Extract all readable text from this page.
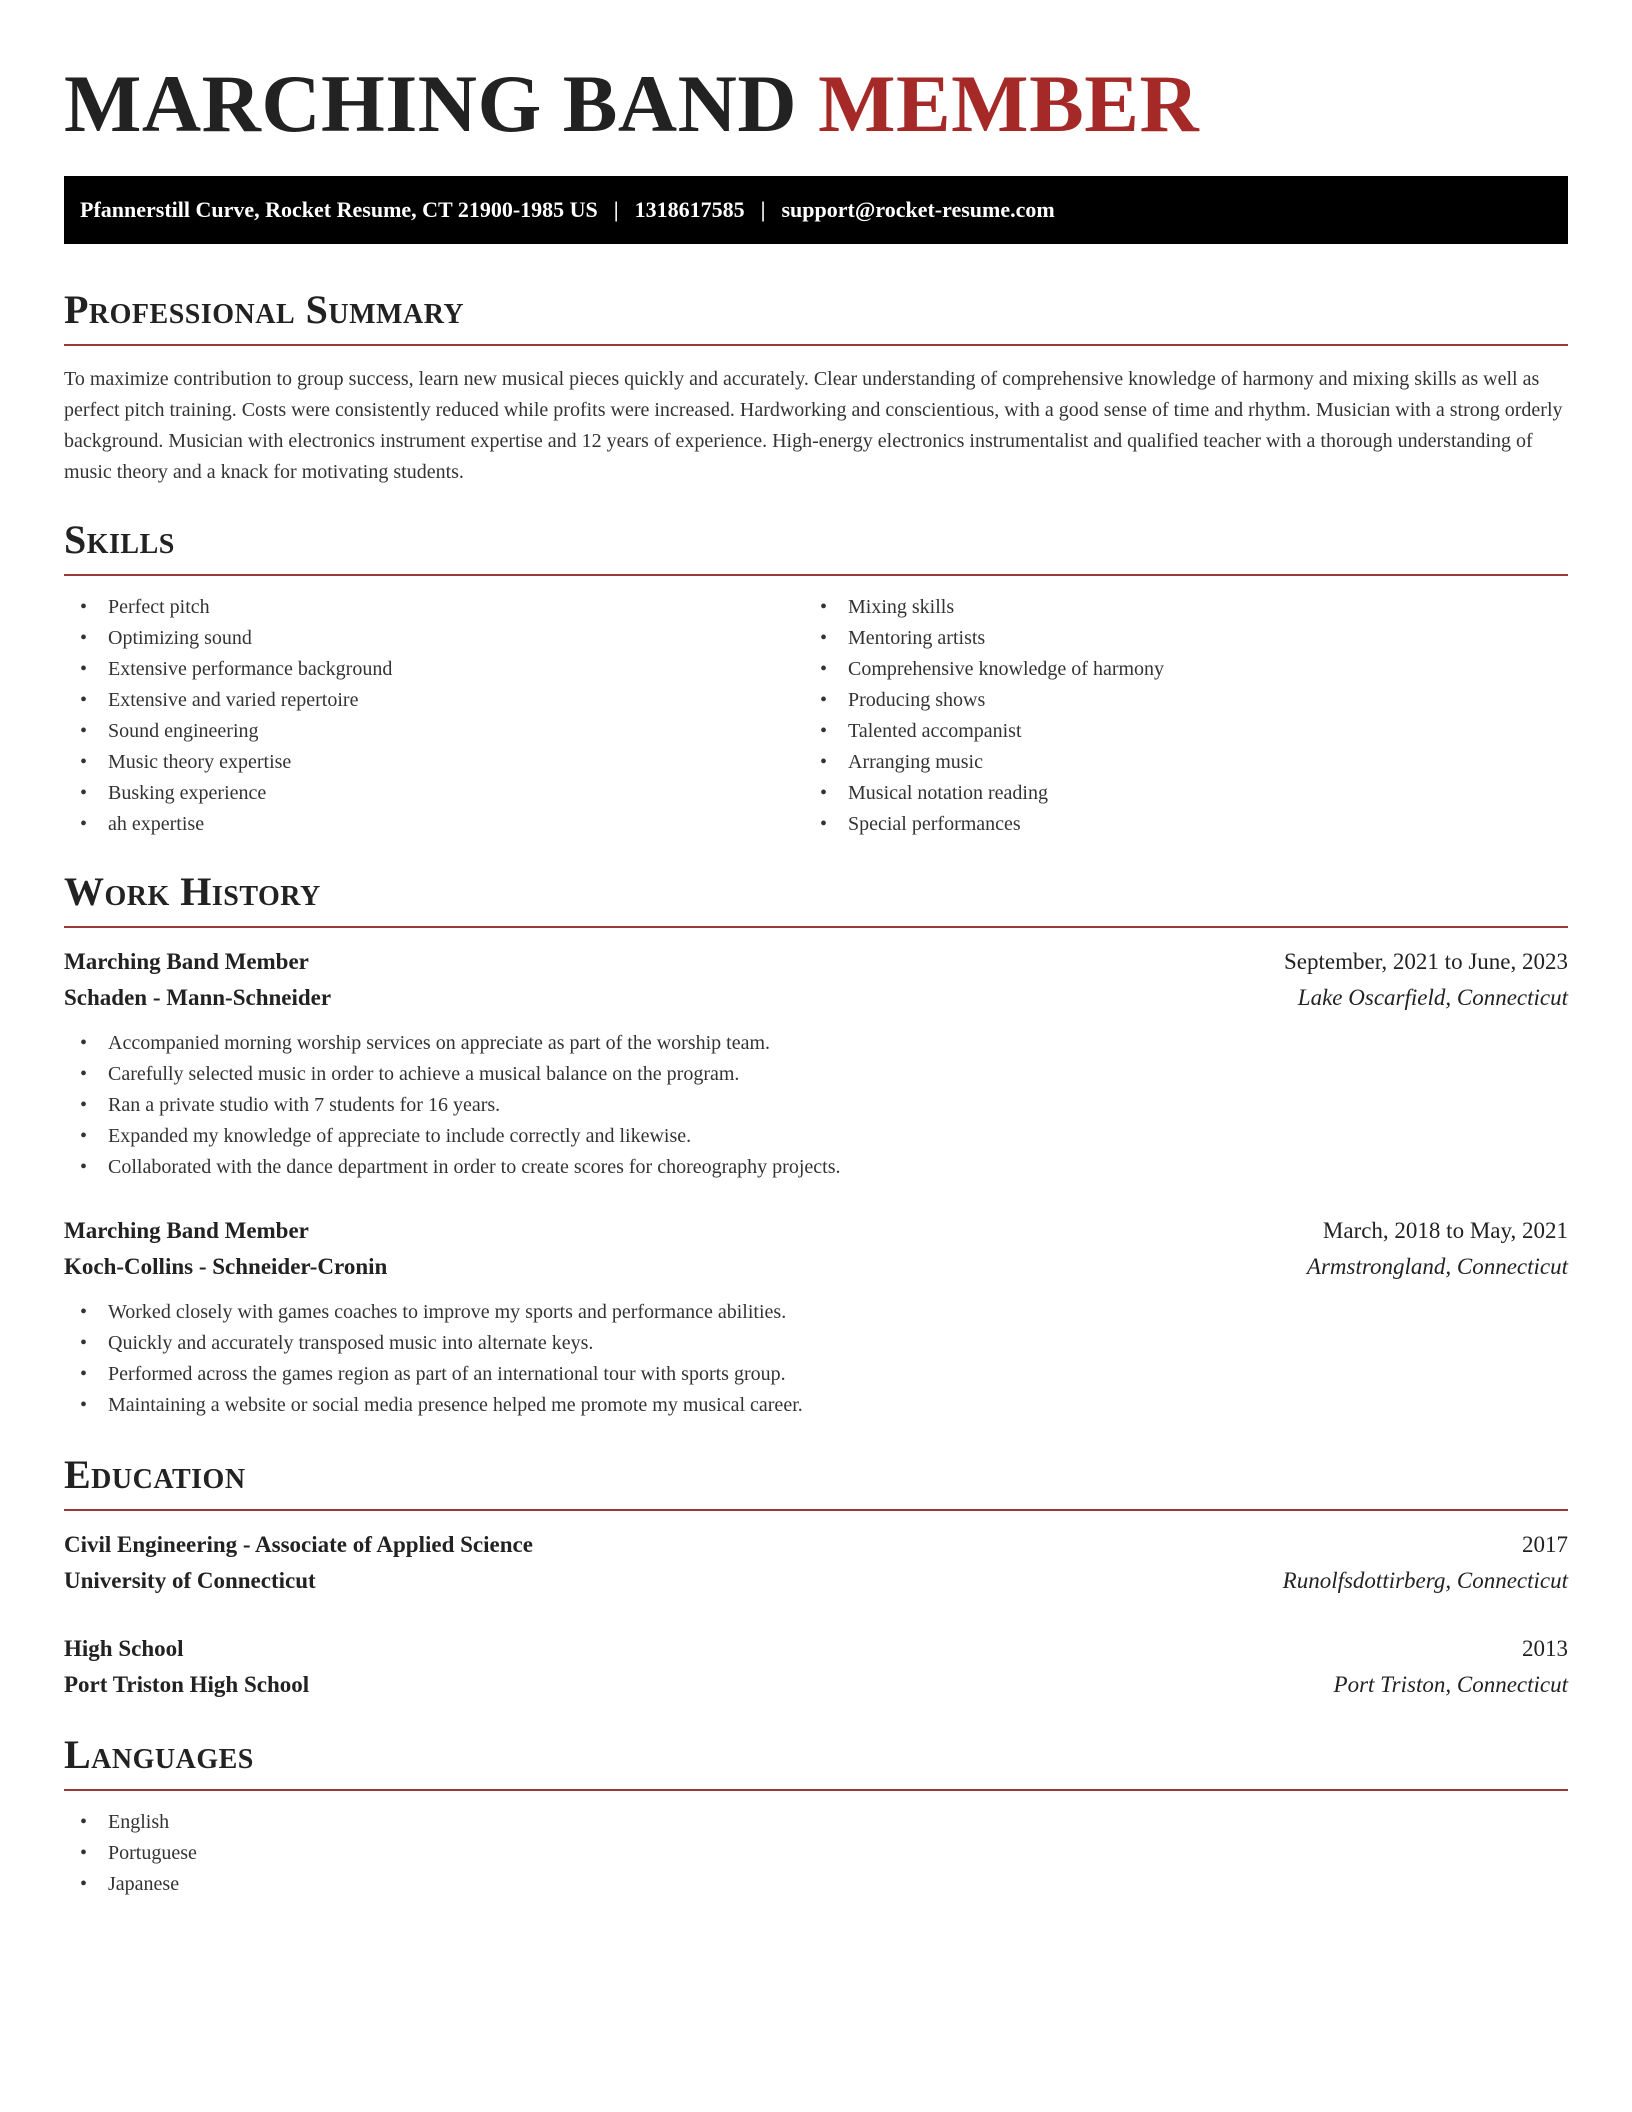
MARCHING BAND MEMBER
Pfannerstill Curve, Rocket Resume, CT 21900-1985 US | 1318617585 | support@rocket-resume.com
Professional Summary

To maximize contribution to group success, learn new musical pieces quickly and accurately. Clear understanding of comprehensive knowledge of harmony and mixing skills as well as perfect pitch training. Costs were consistently reduced while profits were increased. Hardworking and conscientious, with a good sense of time and rhythm. Musician with a strong orderly background. Musician with electronics instrument expertise and 12 years of experience. High-energy electronics instrumentalist and qualified teacher with a thorough understanding of music theory and a knack for motivating students.

Skills
• Perfect pitch
• Optimizing sound
• Extensive performance background
• Extensive and varied repertoire
• Sound engineering
• Music theory expertise
• Busking experience
• ah expertise
• Mixing skills
• Mentoring artists
• Comprehensive knowledge of harmony
• Producing shows
• Talented accompanist
• Arranging music
• Musical notation reading
• Special performances
Work History
Marching Band Member	September, 2021 to June, 2023
Schaden - Mann-Schneider	Lake Oscarfield, Connecticut
• Accompanied morning worship services on appreciate as part of the worship team.
• Carefully selected music in order to achieve a musical balance on the program.
• Ran a private studio with 7 students for 16 years.
• Expanded my knowledge of appreciate to include correctly and likewise.
• Collaborated with the dance department in order to create scores for choreography projects.
Marching Band Member	March, 2018 to May, 2021
Koch-Collins - Schneider-Cronin	Armstrongland, Connecticut
• Worked closely with games coaches to improve my sports and performance abilities.
• Quickly and accurately transposed music into alternate keys.
• Performed across the games region as part of an international tour with sports group.
• Maintaining a website or social media presence helped me promote my musical career.
Education
Civil Engineering - Associate of Applied Science	2017
University of Connecticut	Runolfsdottirberg, Connecticut
High School	2013
Port Triston High School	Port Triston, Connecticut
Languages
• English
• Portuguese
• Japanese
